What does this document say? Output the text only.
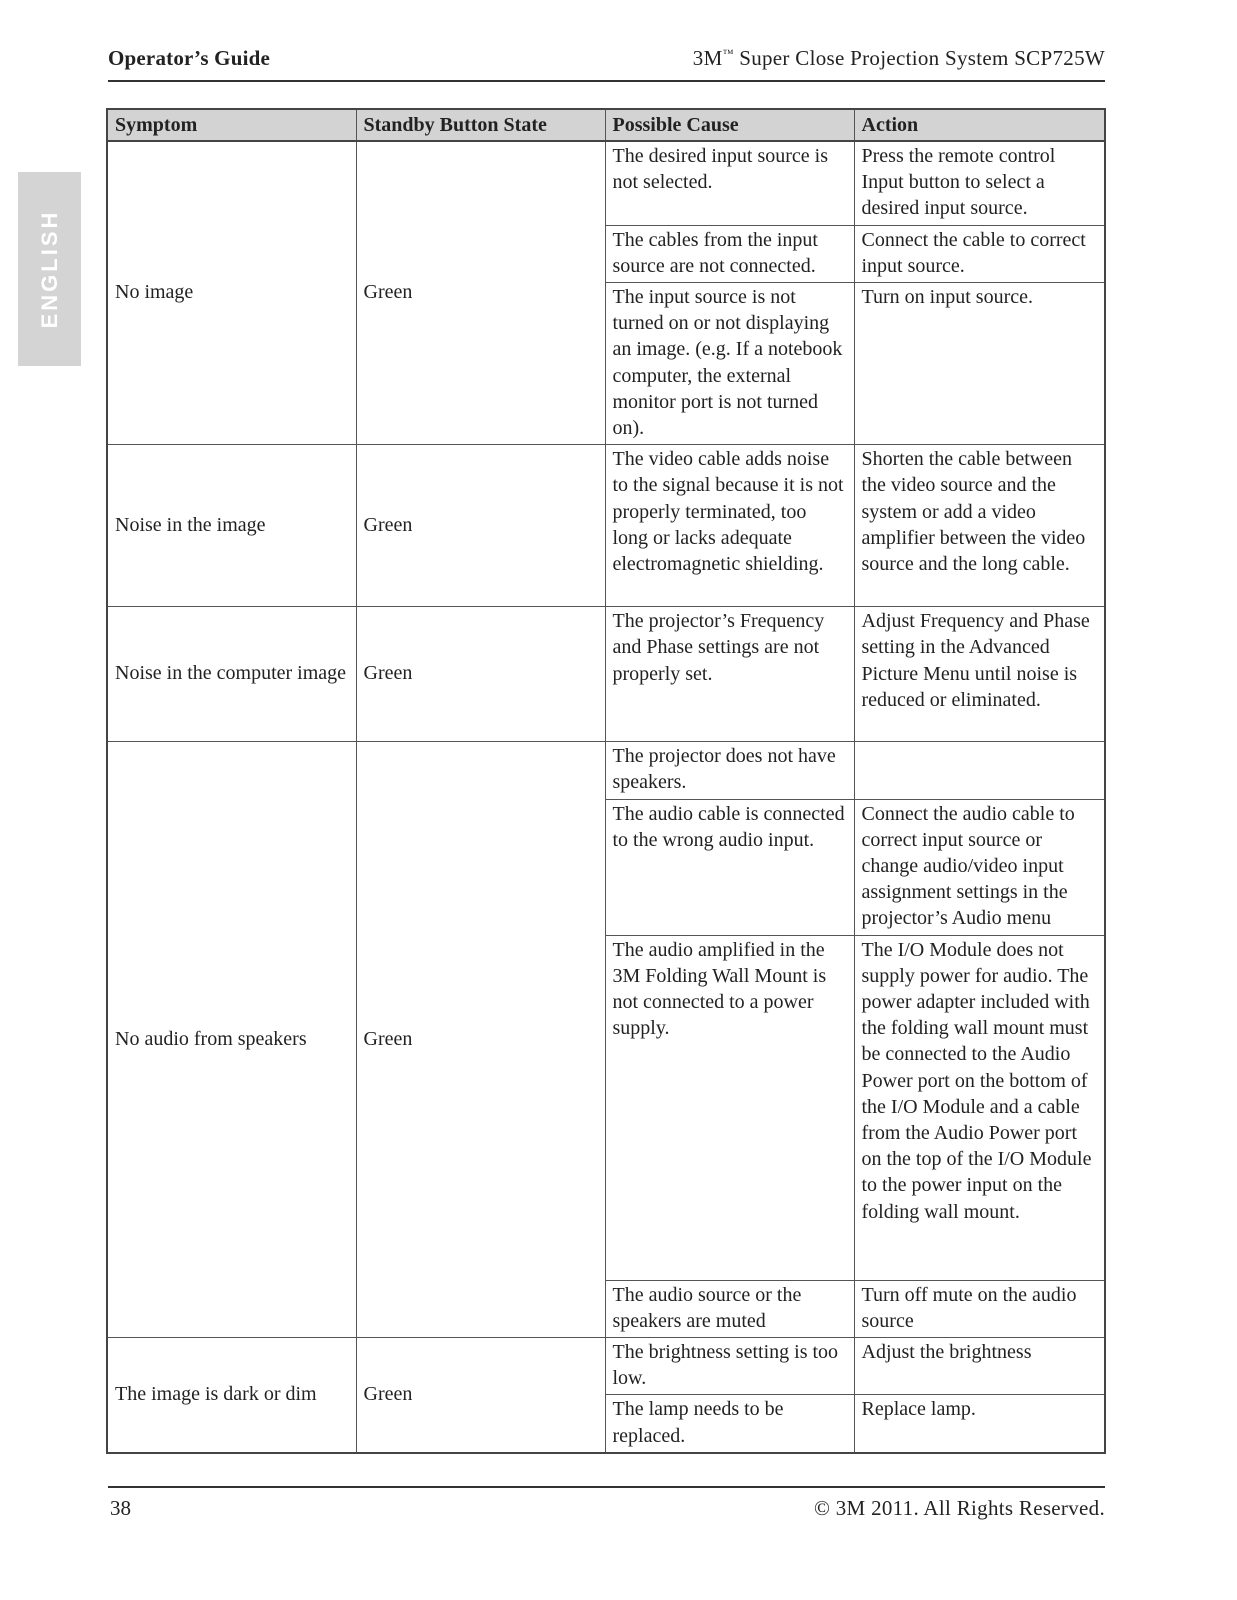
Operator’s Guide	3M™ Super Close Projection System SCP725W
ENGLISH
Symptom	Standby Button State	Possible Cause	Action
No image	Green	The desired input source is not selected.	Press the remote control Input button to select a desired input source.
		The cables from the input source are not connected.	Connect the cable to correct input source.
		The input source is not turned on or not displaying an image. (e.g. If a notebook computer, the external monitor port is not turned on).	Turn on input source.
Noise in the image	Green	The video cable adds noise to the signal because it is not properly terminated, too long or lacks adequate electromagnetic shielding.	Shorten the cable between the video source and the system or add a video amplifier between the video source and the long cable.
Noise in the computer image	Green	The projector’s Frequency and Phase settings are not properly set.	Adjust Frequency and Phase setting in the Advanced Picture Menu until noise is reduced or eliminated.
No audio from speakers	Green	The projector does not have speakers.	
		The audio cable is connected to the wrong audio input.	Connect the audio cable to correct input source or change audio/video input assignment settings in the projector’s Audio menu
		The audio amplified in the 3M Folding Wall Mount is not connected to a power supply.	The I/O Module does not supply power for audio. The power adapter included with the folding wall mount must be connected to the Audio Power port on the bottom of the I/O Module and a cable from the Audio Power port on the top of the I/O Module to the power input on the folding wall mount.
		The audio source or the speakers are muted	Turn off mute on the audio source
The image is dark or dim	Green	The brightness setting is too low.	Adjust the brightness
		The lamp needs to be replaced.	Replace lamp.
38	© 3M 2011. All Rights Reserved.
